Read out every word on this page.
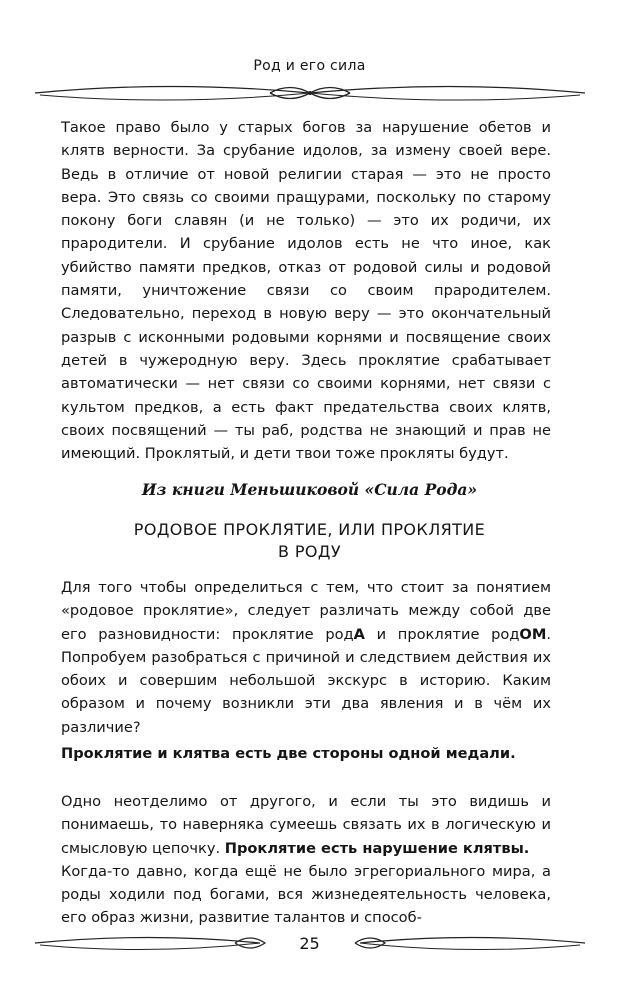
Род и его сила

Такое право было у старых богов за нарушение обетов и клятв верности. За срубание идолов, за измену своей вере. Ведь в отличие от новой религии старая — это не просто вера. Это связь со своими пращурами, поскольку по старому покону боги славян (и не только) — это их родичи, их прародители. И срубание идолов есть не что иное, как убийство памяти предков, отказ от родовой силы и родовой памяти, уничтожение связи со своим прародителем. Следовательно, переход в новую веру — это окончательный разрыв с исконными родовыми корнями и посвящение своих детей в чужеродную веру. Здесь проклятие срабатывает автоматически — нет связи со своими корнями, нет связи с культом предков, а есть факт предательства своих клятв, своих посвящений — ты раб, родства не знающий и прав не имеющий. Проклятый, и дети твои тоже прокляты будут.

Из книги Меньшиковой «Сила Рода»
РОДОВОЕ ПРОКЛЯТИЕ, ИЛИ ПРОКЛЯТИЕ
В РОДУ

Для того чтобы определиться с тем, что стоит за понятием «родовое проклятие», следует различать между собой две его разновидности: проклятие родА и проклятие родОМ. Попробуем разобраться с причиной и следствием действия их обоих и совершим небольшой экскурс в историю. Каким образом и почему возникли эти два явления и в чём их различие?

Проклятие и клятва есть две стороны одной медали.

Одно неотделимо от другого, и если ты это видишь и понимаешь, то наверняка сумеешь связать их в логическую и смысловую цепочку. Проклятие есть нарушение клятвы.

Когда-то давно, когда ещё не было эгрегориального мира, а роды ходили под богами, вся жизнедеятельность человека, его образ жизни, развитие талантов и способ-

25
